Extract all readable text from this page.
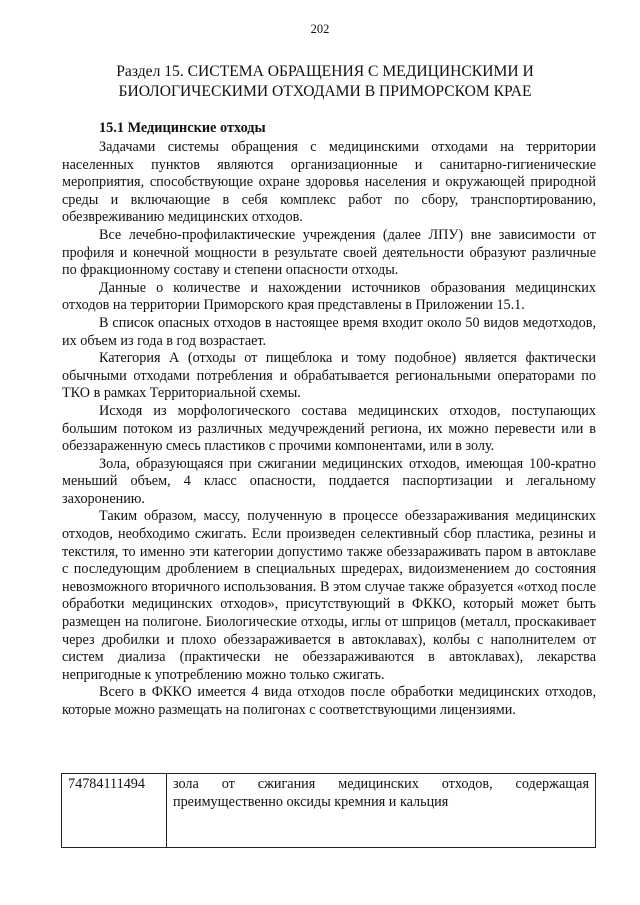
202
Раздел 15. СИСТЕМА ОБРАЩЕНИЯ С МЕДИЦИНСКИМИ И БИОЛОГИЧЕСКИМИ ОТХОДАМИ В ПРИМОРСКОМ КРАЕ
15.1 Медицинские отходы

Задачами системы обращения с медицинскими отходами на территории населенных пунктов являются организационные и санитарно-гигиенические мероприятия, способствующие охране здоровья населения и окружающей природной среды и включающие в себя комплекс работ по сбору, транспортированию, обезвреживанию медицинских отходов.

Все лечебно-профилактические учреждения (далее ЛПУ) вне зависимости от профиля и конечной мощности в результате своей деятельности образуют различные по фракционному составу и степени опасности отходы.

Данные о количестве и нахождении источников образования медицинских отходов на территории Приморского края представлены в Приложении 15.1.

В список опасных отходов в настоящее время входит около 50 видов медотходов, их объем из года в год возрастает.

Категория А (отходы от пищеблока и тому подобное) является фактически обычными отходами потребления и обрабатывается региональными операторами по ТКО в рамках Территориальной схемы.

Исходя из морфологического состава медицинских отходов, поступающих большим потоком из различных медучреждений региона, их можно перевести или в обеззараженную смесь пластиков с прочими компонентами, или в золу.

Зола, образующаяся при сжигании медицинских отходов, имеющая 100-кратно меньший объем, 4 класс опасности, поддается паспортизации и легальному захоронению.

Таким образом, массу, полученную в процессе обеззараживания медицинских отходов, необходимо сжигать. Если произведен селективный сбор пластика, резины и текстиля, то именно эти категории допустимо также обеззараживать паром в автоклаве с последующим дроблением в специальных шредерах, видоизменением до состояния невозможного вторичного использования. В этом случае также образуется «отход после обработки медицинских отходов», присутствующий в ФККО, который может быть размещен на полигоне. Биологические отходы, иглы от шприцов (металл, проскакивает через дробилки и плохо обеззараживается в автоклавах), колбы с наполнителем от систем диализа (практически не обеззараживаются в автоклавах), лекарства непригодные к употреблению можно только сжигать.

Всего в ФККО имеется 4 вида отходов после обработки медицинских отходов, которые можно размещать на полигонах с соответствующими лицензиями.

74784111494	зола от сжигания медицинских отходов, содержащая преимущественно оксиды кремния и кальция
